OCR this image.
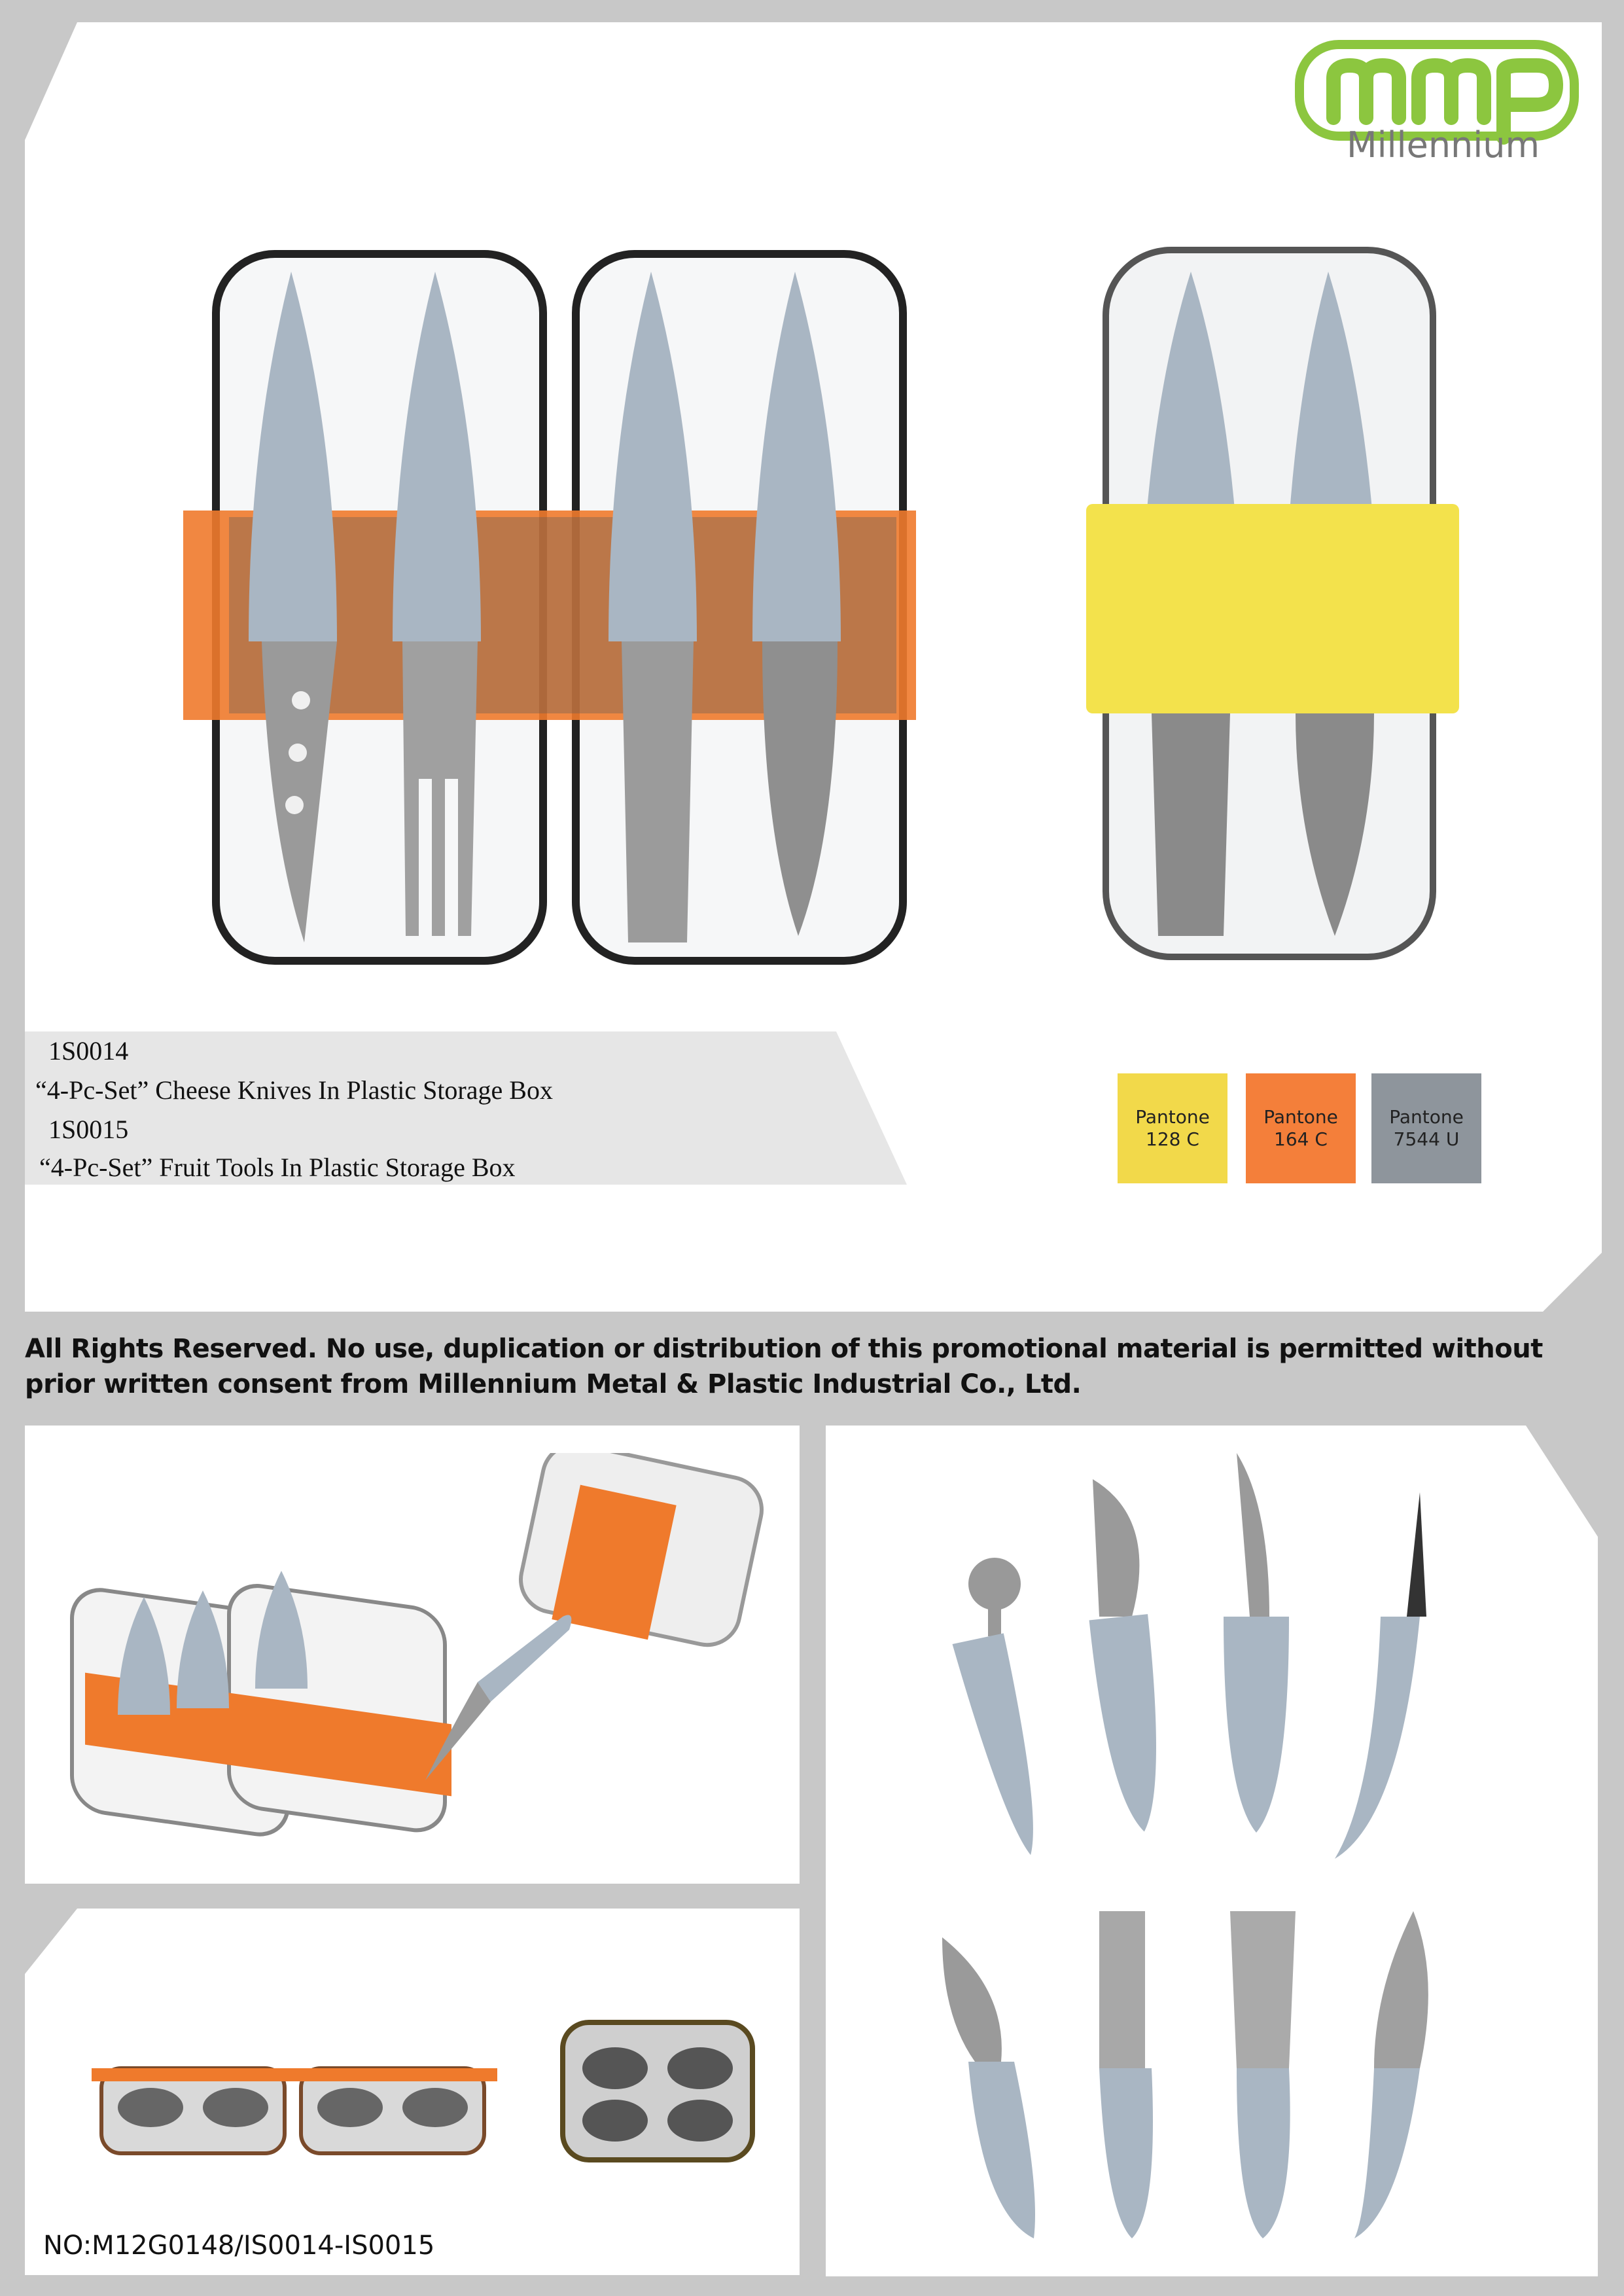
Millennium
1S0014
“4-Pc-Set” Cheese Knives In Plastic Storage Box
1S0015
“4-Pc-Set” Fruit Tools In Plastic Storage Box
Pantone
128 C
Pantone
164 C
Pantone
7544 U
All Rights Reserved. No use, duplication or distribution of this promotional material is permitted without prior written consent from Millennium Metal & Plastic Industrial Co., Ltd.
NO:M12G0148/IS0014-IS0015
